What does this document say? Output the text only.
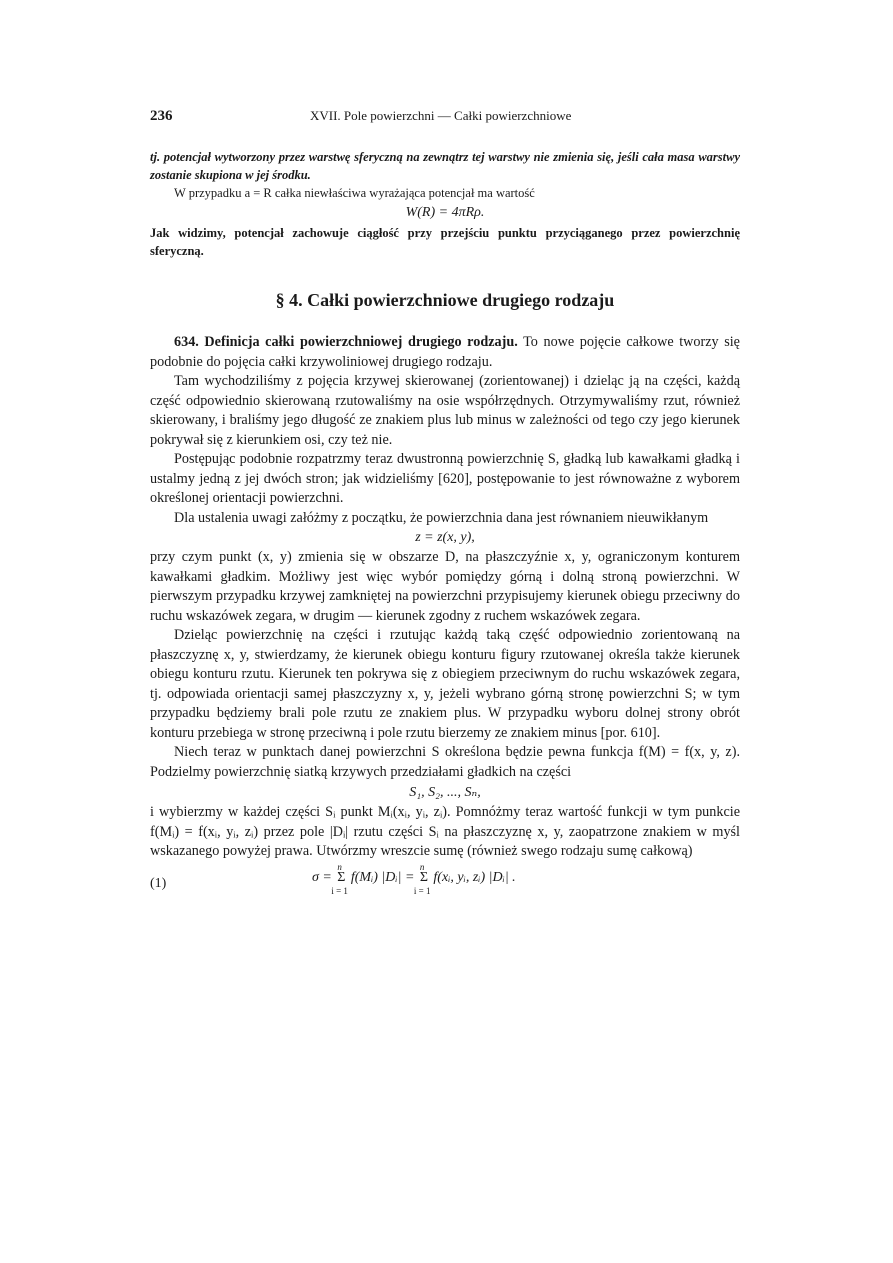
236	XVII. Pole powierzchni — Całki powierzchniowe

tj. potencjał wytworzony przez warstwę sferyczną na zewnątrz tej warstwy nie zmienia się, jeśli cała masa warstwy zostanie skupiona w jej środku.

W przypadku a = R całka niewłaściwa wyrażająca potencjał ma wartość

W(R) = 4πRρ.

Jak widzimy, potencjał zachowuje ciągłość przy przejściu punktu przyciąganego przez powierzchnię sferyczną.

§ 4. Całki powierzchniowe drugiego rodzaju

634. Definicja całki powierzchniowej drugiego rodzaju. To nowe pojęcie całkowe tworzy się podobnie do pojęcia całki krzywoliniowej drugiego rodzaju.

Tam wychodziliśmy z pojęcia krzywej skierowanej (zorientowanej) i dzieląc ją na części, każdą część odpowiednio skierowaną rzutowaliśmy na osie współrzędnych. Otrzymywaliśmy rzut, również skierowany, i braliśmy jego długość ze znakiem plus lub minus w zależności od tego czy jego kierunek pokrywał się z kierunkiem osi, czy też nie.

Postępując podobnie rozpatrzmy teraz dwustronną powierzchnię S, gładką lub kawałkami gładką i ustalmy jedną z jej dwóch stron; jak widzieliśmy [620], postępowanie to jest równoważne z wyborem określonej orientacji powierzchni.

Dla ustalenia uwagi załóżmy z początku, że powierzchnia dana jest równaniem nieuwikłanym

z = z(x, y),

przy czym punkt (x, y) zmienia się w obszarze D, na płaszczyźnie x, y, ograniczonym konturem kawałkami gładkim. Możliwy jest więc wybór pomiędzy górną i dolną stroną powierzchni. W pierwszym przypadku krzywej zamkniętej na powierzchni przypisujemy kierunek obiegu przeciwny do ruchu wskazówek zegara, w drugim — kierunek zgodny z ruchem wskazówek zegara.

Dzieląc powierzchnię na części i rzutując każdą taką część odpowiednio zorientowaną na płaszczyznę x, y, stwierdzamy, że kierunek obiegu konturu figury rzutowanej określa także kierunek obiegu konturu rzutu. Kierunek ten pokrywa się z obiegiem przeciwnym do ruchu wskazówek zegara, tj. odpowiada orientacji samej płaszczyzny x, y, jeżeli wybrano górną stronę powierzchni S; w tym przypadku będziemy brali pole rzutu ze znakiem plus. W przypadku wyboru dolnej strony obrót konturu przebiega w stronę przeciwną i pole rzutu bierzemy ze znakiem minus [por. 610].

Niech teraz w punktach danej powierzchni S określona będzie pewna funkcja f(M) = f(x, y, z). Podzielmy powierzchnię siatką krzywych przedziałami gładkich na części

S₁, S₂, ..., Sₙ,

i wybierzmy w każdej części Sᵢ punkt Mᵢ(xᵢ, yᵢ, zᵢ). Pomnóżmy teraz wartość funkcji w tym punkcie f(Mᵢ) = f(xᵢ, yᵢ, zᵢ) przez pole |Dᵢ| rzutu części Sᵢ na płaszczyznę x, y, zaopatrzone znakiem w myśl wskazanego powyżej prawa. Utwórzmy wreszcie sumę (również swego rodzaju sumę całkową)

(1)	σ = Σ
n
i = 1
f(Mᵢ) |Dᵢ| = Σ
n
i = 1
f(xᵢ, yᵢ, zᵢ) |Dᵢ| .
